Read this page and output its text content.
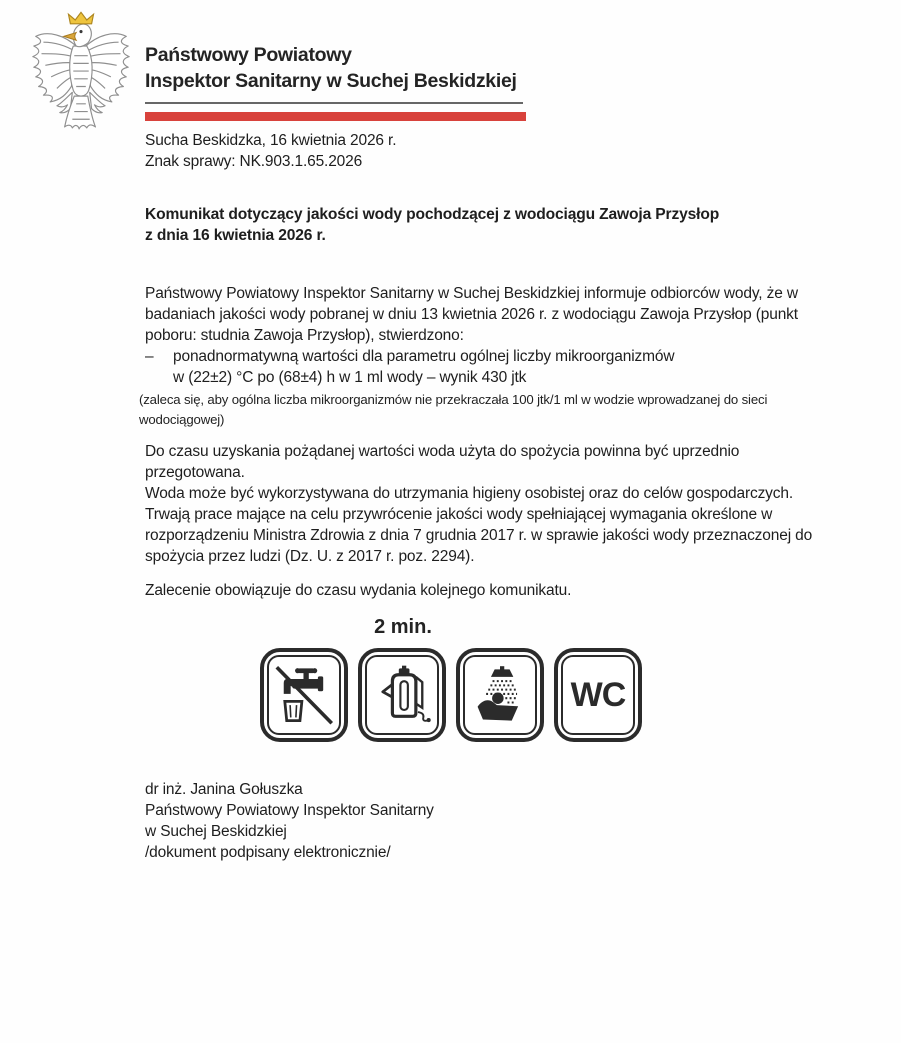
Państwowy Powiatowy
Inspektor Sanitarny w Suchej Beskidzkiej
Sucha Beskidzka, 16 kwietnia 2026 r.
Znak sprawy: NK.903.1.65.2026
Komunikat dotyczący jakości wody pochodzącej z wodociągu Zawoja Przysłop
z dnia 16 kwietnia 2026 r.

Państwowy Powiatowy Inspektor Sanitarny w Suchej Beskidzkiej informuje odbiorców wody, że w badaniach jakości wody pobranej w dniu 13 kwietnia 2026 r. z wodociągu Zawoja Przysłop (punkt poboru: studnia Zawoja Przysłop), stwierdzono:

–	ponadnormatywną wartości dla parametru ogólnej liczby mikroorganizmów
w (22±2) °C po (68±4) h w 1 ml wody – wynik 430 jtk

(zaleca się, aby ogólna liczba mikroorganizmów nie przekraczała 100 jtk/1 ml w wodzie wprowadzanej do sieci wodociągowej)

Do czasu uzyskania pożądanej wartości woda użyta do spożycia powinna być uprzednio przegotowana.

Woda może być wykorzystywana do utrzymania higieny osobistej oraz do celów gospodarczych.

Trwają prace mające na celu przywrócenie jakości wody spełniającej wymagania określone w rozporządzeniu Ministra Zdrowia z dnia 7 grudnia 2017 r. w sprawie jakości wody przeznaczonej do spożycia przez ludzi (Dz. U. z 2017 r. poz. 2294).

Zalecenie obowiązuje do czasu wydania kolejnego komunikatu.

2 min.
WC
dr inż. Janina Gołuszka
Państwowy Powiatowy Inspektor Sanitarny
w Suchej Beskidzkiej
/dokument podpisany elektronicznie/
